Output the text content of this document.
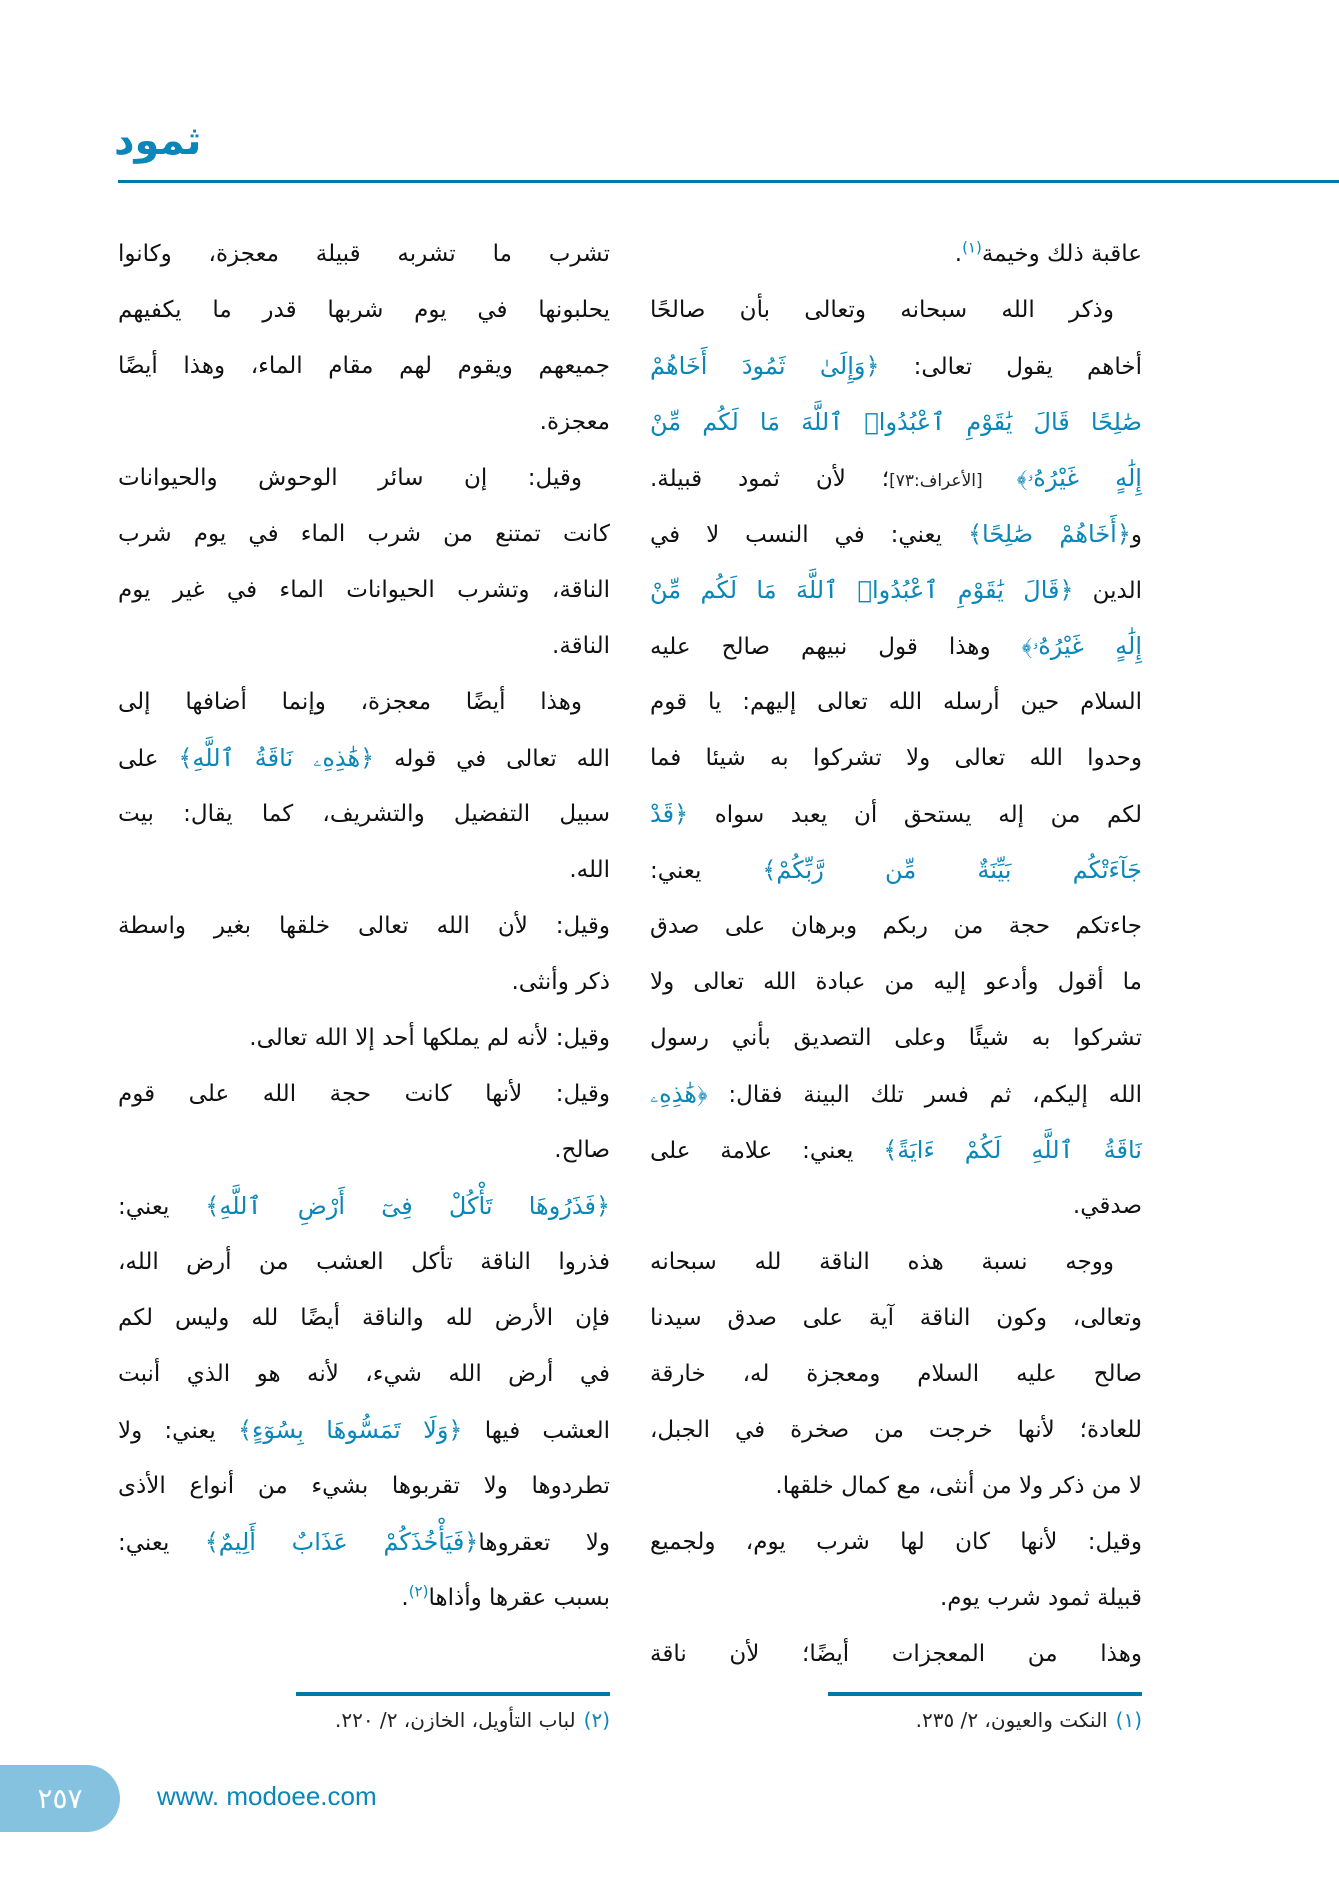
ثمود
عاقبة ذلك وخيمة$^{(١)}$.
وذكر الله سبحانه وتعالى بأن صالحًا
أخاهم يقول تعالى: ﴿وَإِلَىٰ ثَمُودَ أَخَاهُمْ
صَٰلِحًا قَالَ يَٰقَوْمِ ٱعْبُدُوا۟ ٱللَّهَ مَا لَكُم مِّنْ
إِلَٰهٍ غَيْرُهُۥ﴾ [الأعراف:٧٣]؛ لأن ثمود قبيلة.
و﴿أَخَاهُمْ صَٰلِحًا﴾ يعني: في النسب لا في
الدين ﴿قَالَ يَٰقَوْمِ ٱعْبُدُوا۟ ٱللَّهَ مَا لَكُم مِّنْ
إِلَٰهٍ غَيْرُهُۥ﴾ وهذا قول نبيهم صالح عليه
السلام حين أرسله الله تعالى إليهم: يا قوم
وحدوا الله تعالى ولا تشركوا به شيئا فما
لكم من إله يستحق أن يعبد سواه ﴿قَدْ
جَآءَتْكُم بَيِّنَةٌ مِّن رَّبِّكُمْ﴾ يعني:
جاءتكم حجة من ربكم وبرهان على صدق
ما أقول وأدعو إليه من عبادة الله تعالى ولا
تشركوا به شيئًا وعلى التصديق بأني رسول
الله إليكم، ثم فسر تلك البينة فقال: ﴿هَٰذِهِۦ
نَاقَةُ ٱللَّهِ لَكُمْ ءَايَةً﴾ يعني: علامة على
صدقي.
ووجه نسبة هذه الناقة لله سبحانه
وتعالى، وكون الناقة آية على صدق سيدنا
صالح عليه السلام ومعجزة له، خارقة
للعادة؛ لأنها خرجت من صخرة في الجبل،
لا من ذكر ولا من أنثى، مع كمال خلقها.
وقيل: لأنها كان لها شرب يوم، ولجميع
قبيلة ثمود شرب يوم.
وهذا من المعجزات أيضًا؛ لأن ناقة
تشرب ما تشربه قبيلة معجزة، وكانوا
يحلبونها في يوم شربها قدر ما يكفيهم
جميعهم ويقوم لهم مقام الماء، وهذا أيضًا
معجزة.
وقيل: إن سائر الوحوش والحيوانات
كانت تمتنع من شرب الماء في يوم شرب
الناقة، وتشرب الحيوانات الماء في غير يوم
الناقة.
وهذا أيضًا معجزة، وإنما أضافها إلى
الله تعالى في قوله ﴿هَٰذِهِۦ نَاقَةُ ٱللَّهِ﴾ على
سبيل التفضيل والتشريف، كما يقال: بيت
الله.
وقيل: لأن الله تعالى خلقها بغير واسطة
ذكر وأنثى.
وقيل: لأنه لم يملكها أحد إلا الله تعالى.
وقيل: لأنها كانت حجة الله على قوم
صالح.
﴿فَذَرُوهَا تَأْكُلْ فِىٓ أَرْضِ ٱللَّهِ﴾ يعني:
فذروا الناقة تأكل العشب من أرض الله،
فإن الأرض لله والناقة أيضًا لله وليس لكم
في أرض الله شيء، لأنه هو الذي أنبت
العشب فيها ﴿وَلَا تَمَسُّوهَا بِسُوٓءٍ﴾ يعني: ولا
تطردوها ولا تقربوها بشيء من أنواع الأذى
ولا تعقروها﴿فَيَأْخُذَكُمْ عَذَابٌ أَلِيمٌ﴾ يعني:
بسبب عقرها وأذاها$^{(٢)}$.
(١)النكت والعيون، ٢/ ٢٣٥.
(٢)لباب التأويل، الخازن، ٢/ ٢٢٠.
٢٥٧	www. modoee.com
